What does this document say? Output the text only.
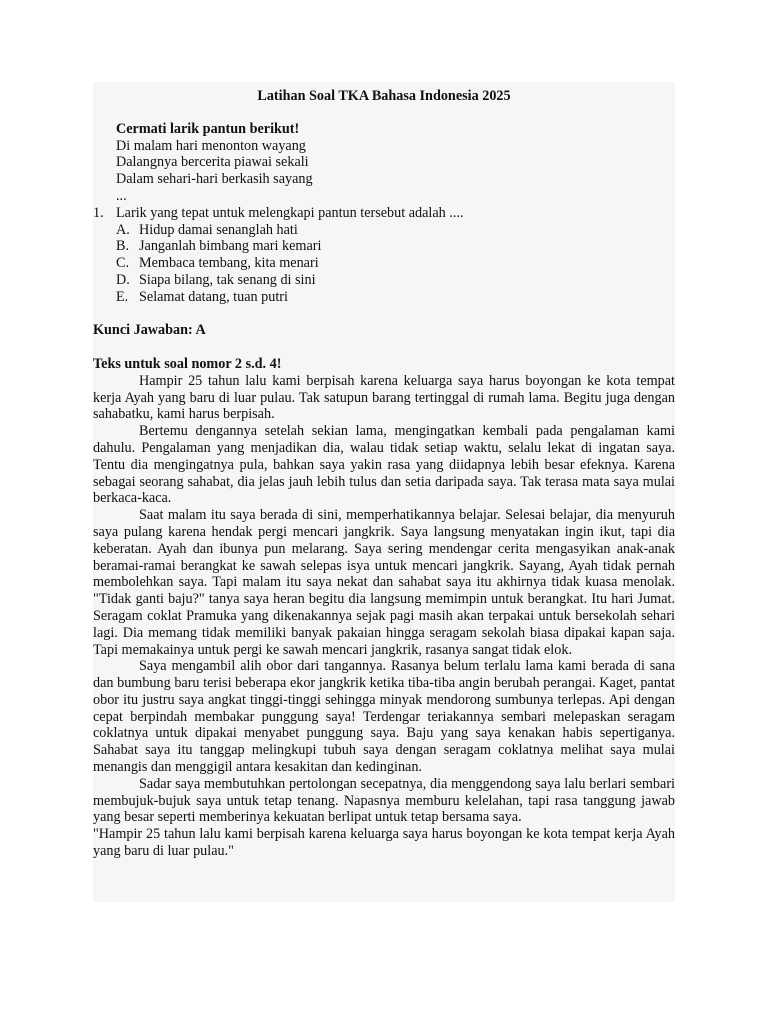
Latihan Soal TKA Bahasa Indonesia 2025
Cermati larik pantun berikut!
Di malam hari menonton wayang
Dalangnya bercerita piawai sekali
Dalam sehari-hari berkasih sayang
...
1. Larik yang tepat untuk melengkapi pantun tersebut adalah ....
A. Hidup damai senanglah hati
B. Janganlah bimbang mari kemari
C. Membaca tembang, kita menari
D. Siapa bilang, tak senang di sini
E. Selamat datang, tuan putri
Kunci Jawaban: A
Teks untuk soal nomor 2 s.d. 4!

Hampir 25 tahun lalu kami berpisah karena keluarga saya harus boyongan ke kota tempat kerja Ayah yang baru di luar pulau. Tak satupun barang tertinggal di rumah lama. Begitu juga dengan sahabatku, kami harus berpisah.

Bertemu dengannya setelah sekian lama, mengingatkan kembali pada pengalaman kami dahulu. Pengalaman yang menjadikan dia, walau tidak setiap waktu, selalu lekat di ingatan saya. Tentu dia mengingatnya pula, bahkan saya yakin rasa yang diidapnya lebih besar efeknya. Karena sebagai seorang sahabat, dia jelas jauh lebih tulus dan setia daripada saya. Tak terasa mata saya mulai berkaca-kaca.

Saat malam itu saya berada di sini, memperhatikannya belajar. Selesai belajar, dia menyuruh saya pulang karena hendak pergi mencari jangkrik. Saya langsung menyatakan ingin ikut, tapi dia keberatan. Ayah dan ibunya pun melarang. Saya sering mendengar cerita mengasyikan anak-anak beramai-ramai berangkat ke sawah selepas isya untuk mencari jangkrik. Sayang, Ayah tidak pernah membolehkan saya. Tapi malam itu saya nekat dan sahabat saya itu akhirnya tidak kuasa menolak. "Tidak ganti baju?" tanya saya heran begitu dia langsung memimpin untuk berangkat. Itu hari Jumat. Seragam coklat Pramuka yang dikenakannya sejak pagi masih akan terpakai untuk bersekolah sehari lagi. Dia memang tidak memiliki banyak pakaian hingga seragam sekolah biasa dipakai kapan saja. Tapi memakainya untuk pergi ke sawah mencari jangkrik, rasanya sangat tidak elok.

Saya mengambil alih obor dari tangannya. Rasanya belum terlalu lama kami berada di sana dan bumbung baru terisi beberapa ekor jangkrik ketika tiba-tiba angin berubah perangai. Kaget, pantat obor itu justru saya angkat tinggi-tinggi sehingga minyak mendorong sumbunya terlepas. Api dengan cepat berpindah membakar punggung saya! Terdengar teriakannya sembari melepaskan seragam coklatnya untuk dipakai menyabet punggung saya. Baju yang saya kenakan habis sepertiganya. Sahabat saya itu tanggap melingkupi tubuh saya dengan seragam coklatnya melihat saya mulai menangis dan menggigil antara kesakitan dan kedinginan.

Sadar saya membutuhkan pertolongan secepatnya, dia menggendong saya lalu berlari sembari membujuk-bujuk saya untuk tetap tenang. Napasnya memburu kelelahan, tapi rasa tanggung jawab yang besar seperti memberinya kekuatan berlipat untuk tetap bersama saya.

"Hampir 25 tahun lalu kami berpisah karena keluarga saya harus boyongan ke kota tempat kerja Ayah yang baru di luar pulau."
